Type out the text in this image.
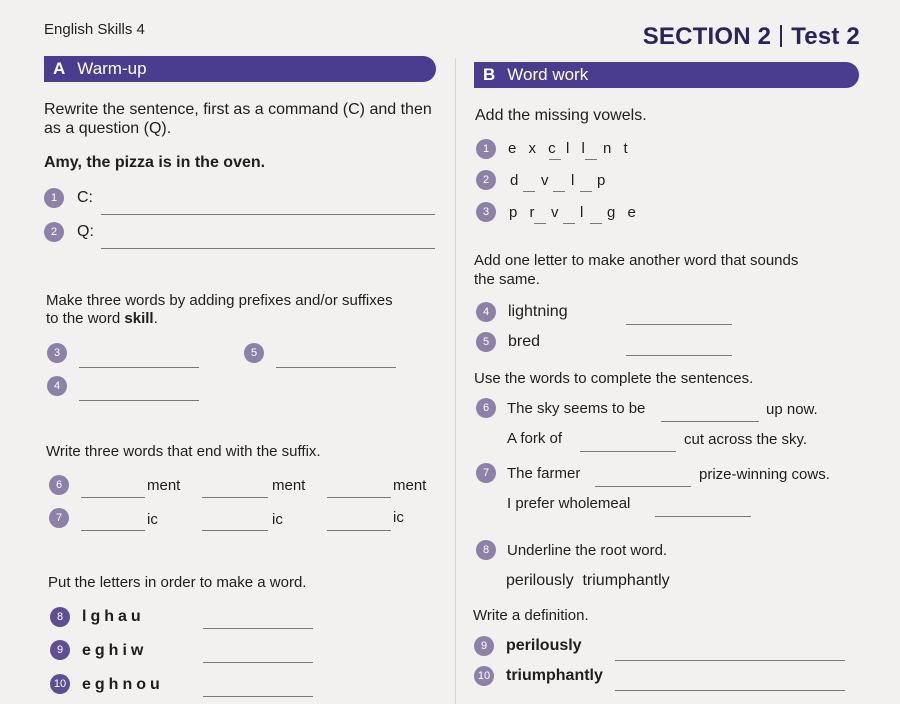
English Skills 4	SECTION 2 Test 2
A Warm-up
Rewrite the sentence, first as a command (C) and then
as a question (Q).
Amy, the pizza is in the oven.
1	C:
2	Q:
Make three words by adding prefixes and/or suffixes
to the word skill.
3	5
4
Write three words that end with the suffix.
6	ment	ment	ment
7	ic	ic	ic
Put the letters in order to make a word.
8	lghau
9	eghiw
10 eghnou
B Word work
Add the missing vowels.
1	e x c l l n t
2	d v l p
3	p r v l g e
Add one letter to make another word that sounds
the same.
4	lightning
5	bred
Use the words to complete the sentences.
6	The sky seems to be	up now.
A fork of	cut across the sky.
7	The farmer	prize-winning cows.
I prefer wholemeal
8	Underline the root word.
perilously  triumphantly
Write a definition.
9	perilously
10 triumphantly
